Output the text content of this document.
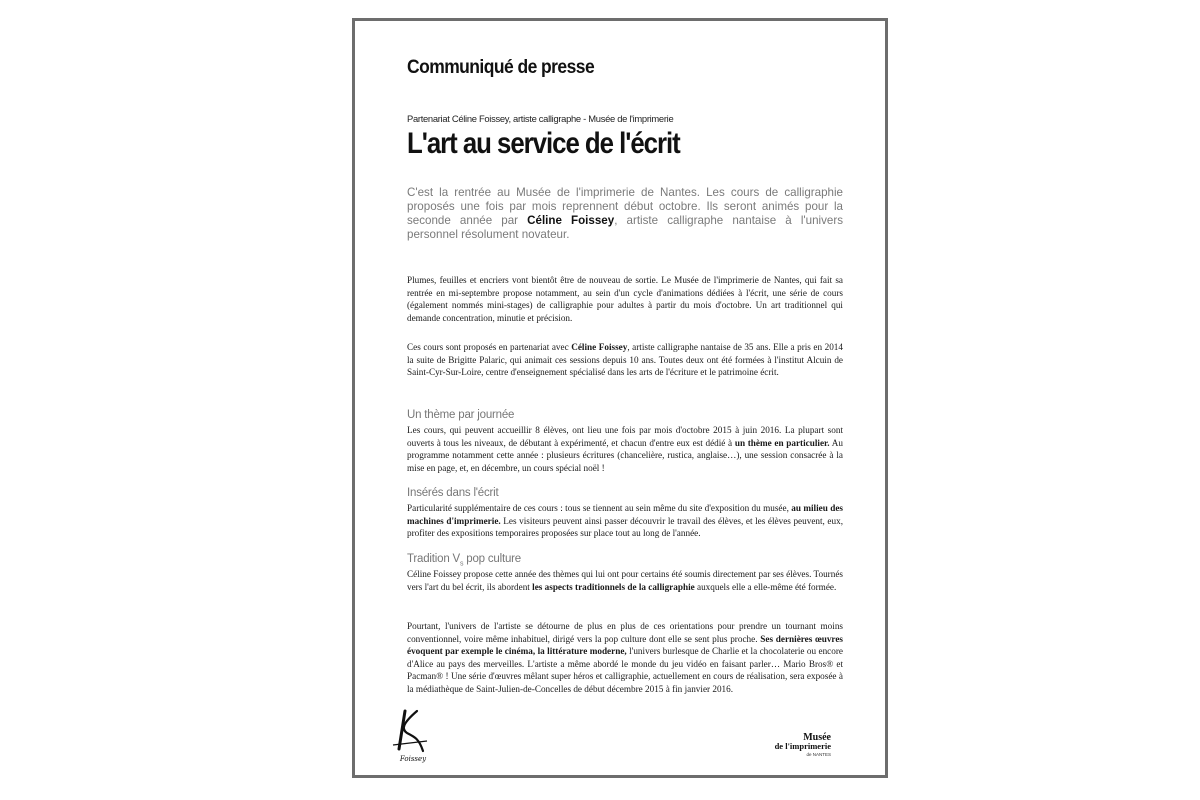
Communiqué de presse
Partenariat Céline Foissey, artiste calligraphe - Musée de l'imprimerie
L'art au service de l'écrit

C'est la rentrée au Musée de l'imprimerie de Nantes. Les cours de calligraphie proposés une fois par mois reprennent début octobre. Ils seront animés pour la seconde année par Céline Foissey, artiste calligraphe nantaise à l'univers personnel résolument novateur.

Plumes, feuilles et encriers vont bientôt être de nouveau de sortie. Le Musée de l'imprimerie de Nantes, qui fait sa rentrée en mi-septembre propose notamment, au sein d'un cycle d'animations dédiées à l'écrit, une série de cours (également nommés mini-stages) de calligraphie pour adultes à partir du mois d'octobre. Un art traditionnel qui demande concentration, minutie et précision.

Ces cours sont proposés en partenariat avec Céline Foissey, artiste calligraphe nantaise de 35 ans. Elle a pris en 2014 la suite de Brigitte Palaric, qui animait ces sessions depuis 10 ans. Toutes deux ont été formées à l'institut Alcuin de Saint-Cyr-Sur-Loire, centre d'enseignement spécialisé dans les arts de l'écriture et le patrimoine écrit.

Un thème par journée

Les cours, qui peuvent accueillir 8 élèves, ont lieu une fois par mois d'octobre 2015 à juin 2016. La plupart sont ouverts à tous les niveaux, de débutant à expérimenté, et chacun d'entre eux est dédié à un thème en particulier. Au programme notamment cette année : plusieurs écritures (chancelière, rustica, anglaise…), une session consacrée à la mise en page, et, en décembre, un cours spécial noël !

Insérés dans l'écrit

Particularité supplémentaire de ces cours : tous se tiennent au sein même du site d'exposition du musée, au milieu des machines d'imprimerie. Les visiteurs peuvent ainsi passer découvrir le travail des élèves, et les élèves peuvent, eux, profiter des expositions temporaires proposées sur place tout au long de l'année.

Tradition $V_s$ pop culture

Céline Foissey propose cette année des thèmes qui lui ont pour certains été soumis directement par ses élèves. Tournés vers l'art du bel écrit, ils abordent les aspects traditionnels de la calligraphie auxquels elle a elle-même été formée.

Pourtant, l'univers de l'artiste se détourne de plus en plus de ces orientations pour prendre un tournant moins conventionnel, voire même inhabituel, dirigé vers la pop culture dont elle se sent plus proche. Ses dernières œuvres évoquent par exemple le cinéma, la littérature moderne, l'univers burlesque de Charlie et la chocolaterie ou encore d'Alice au pays des merveilles. L'artiste a même abordé le monde du jeu vidéo en faisant parler… Mario Bros® et Pacman® ! Une série d'œuvres mêlant super héros et calligraphie, actuellement en cours de réalisation, sera exposée à la médiathèque de Saint-Julien-de-Concelles de début décembre 2015 à fin janvier 2016.

Foissey
Musée
de l'imprimerie
de NANTES
